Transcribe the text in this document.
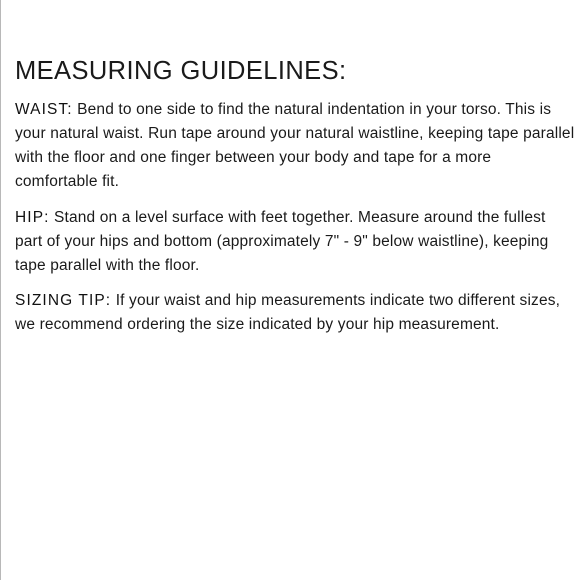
MEASURING GUIDELINES:

WAIST: Bend to one side to find the natural indentation in your torso. This is your natural waist. Run tape around your natural waistline, keeping tape parallel with the floor and one finger between your body and tape for a more comfortable fit.

HIP: Stand on a level surface with feet together. Measure around the fullest part of your hips and bottom (approximately 7" - 9" below waistline), keeping tape parallel with the floor.

SIZING TIP: If your waist and hip measurements indicate two different sizes, we recommend ordering the size indicated by your hip measurement.
